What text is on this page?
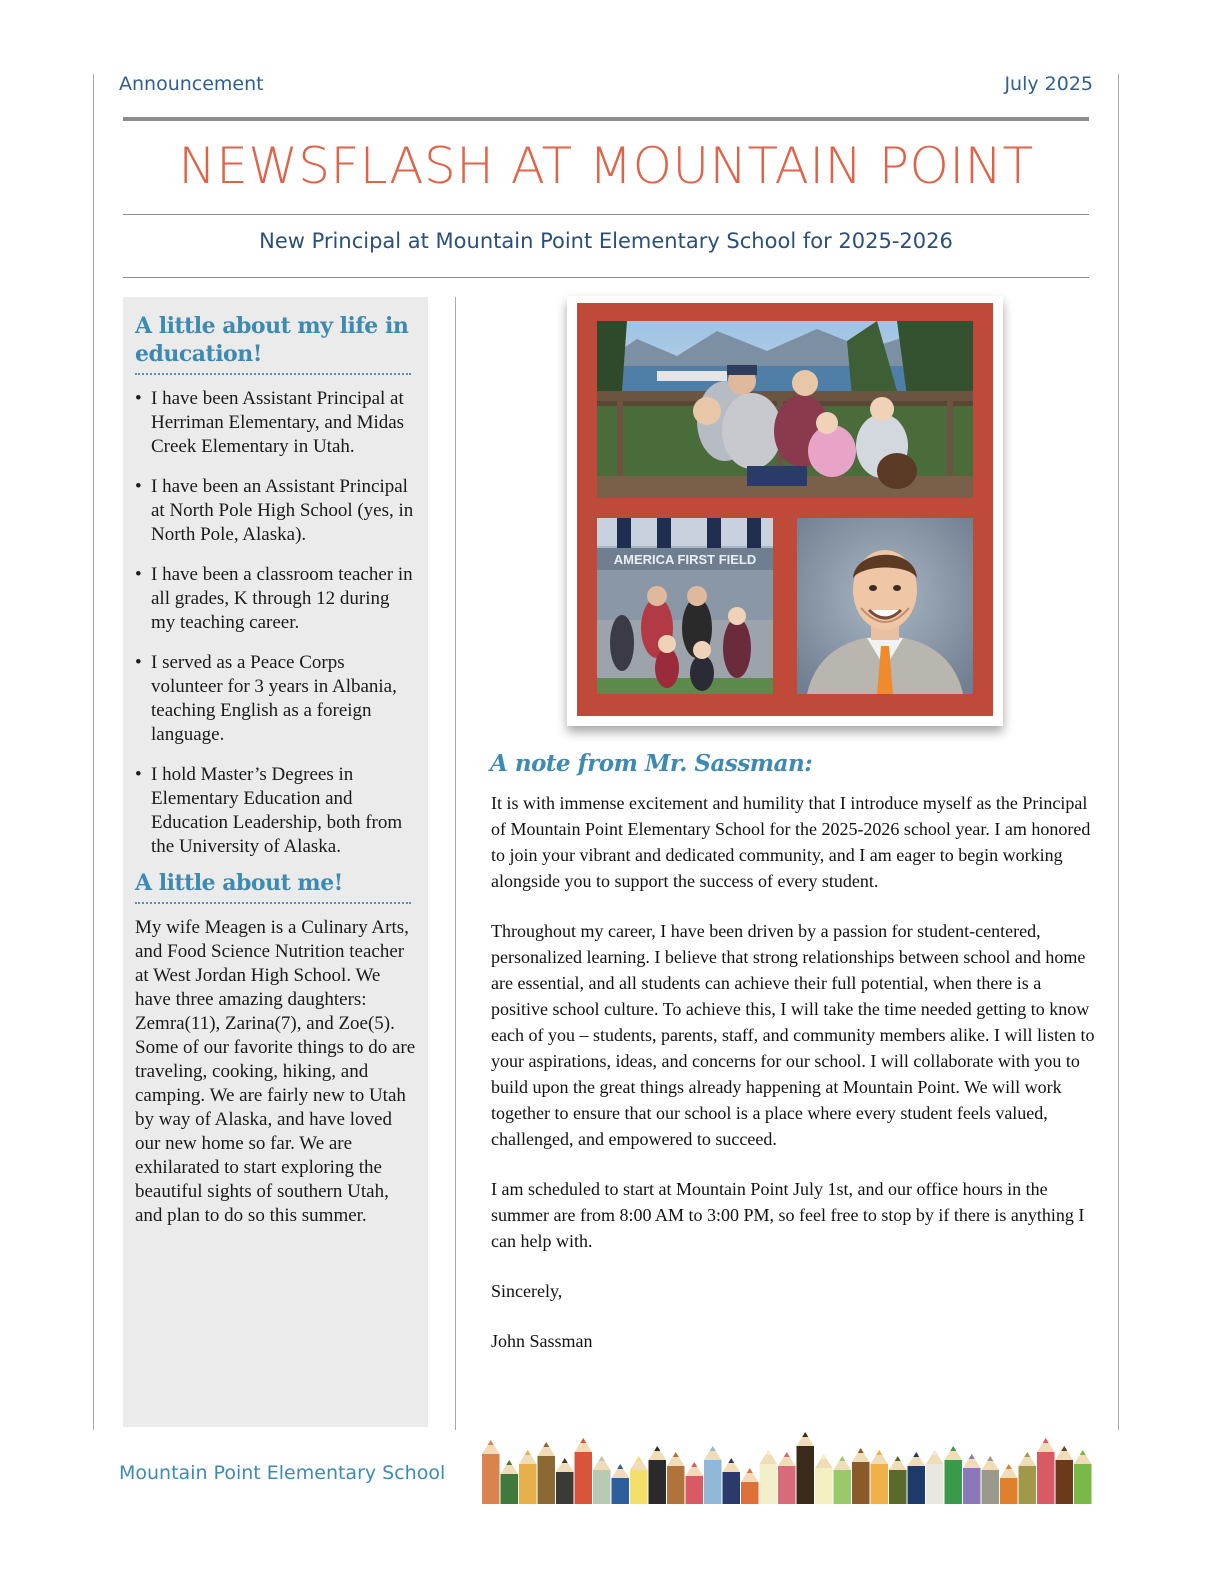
Announcement	July 2025
NEWSFLASH AT MOUNTAIN POINT
New Principal at Mountain Point Elementary School for 2025-2026
A little about my life in education!
• I have been Assistant Principal at Herriman Elementary, and Midas Creek Elementary in Utah.
• I have been an Assistant Principal at North Pole High School (yes, in North Pole, Alaska).
• I have been a classroom teacher in all grades, K through 12 during my teaching career.
• I served as a Peace Corps volunteer for 3 years in Albania, teaching English as a foreign language.
• I hold Master’s Degrees in Elementary Education and Education Leadership, both from the University of Alaska.
A little about me!

My wife Meagen is a Culinary Arts, and Food Science Nutrition teacher at West Jordan High School. We have three amazing daughters: Zemra(11), Zarina(7), and Zoe(5). Some of our favorite things to do are traveling, cooking, hiking, and camping. We are fairly new to Utah by way of Alaska, and have loved our new home so far. We are exhilarated to start exploring the beautiful sights of southern Utah, and plan to do so this summer.

AMERICA FIRST FIELD
A note from Mr. Sassman:

It is with immense excitement and humility that I introduce myself as the Principal of Mountain Point Elementary School for the 2025-2026 school year. I am honored to join your vibrant and dedicated community, and I am eager to begin working alongside you to support the success of every student.

Throughout my career, I have been driven by a passion for student-centered, personalized learning. I believe that strong relationships between school and home are essential, and all students can achieve their full potential, when there is a positive school culture. To achieve this, I will take the time needed getting to know each of you – students, parents, staff, and community members alike. I will listen to your aspirations, ideas, and concerns for our school. I will collaborate with you to build upon the great things already happening at Mountain Point. We will work together to ensure that our school is a place where every student feels valued, challenged, and empowered to succeed.

I am scheduled to start at Mountain Point July 1st, and our office hours in the summer are from 8:00 AM to 3:00 PM, so feel free to stop by if there is anything I can help with.

Sincerely,

John Sassman

Mountain Point Elementary School
